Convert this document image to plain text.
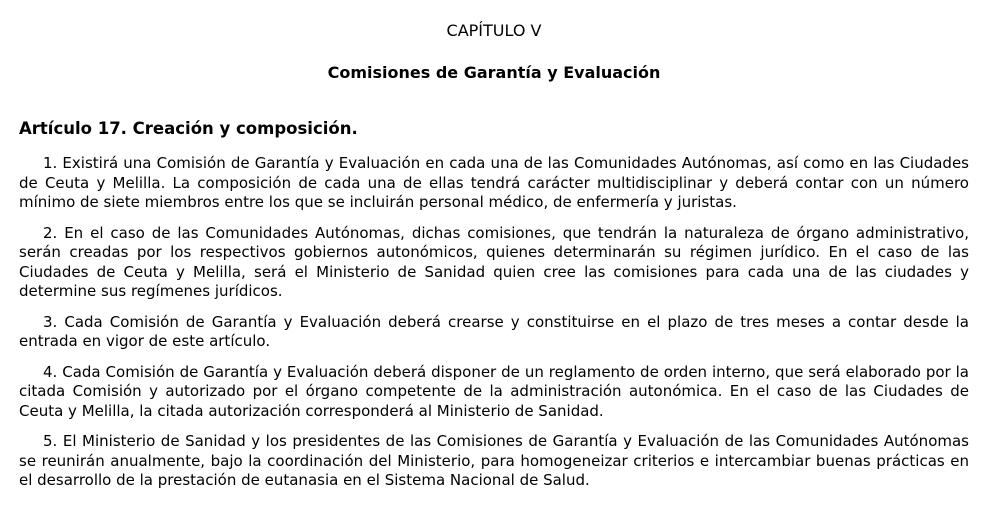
CAPÍTULO V

Comisiones de Garantía y Evaluación

Artículo 17. Creación y composición.

1. Existirá una Comisión de Garantía y Evaluación en cada una de las Comunidades Autónomas, así como en las Ciudades de Ceuta y Melilla. La composición de cada una de ellas tendrá carácter multidisciplinar y deberá contar con un número mínimo de siete miembros entre los que se incluirán personal médico, de enfermería y juristas.

2. En el caso de las Comunidades Autónomas, dichas comisiones, que tendrán la naturaleza de órgano administrativo, serán creadas por los respectivos gobiernos autonómicos, quienes determinarán su régimen jurídico. En el caso de las Ciudades de Ceuta y Melilla, será el Ministerio de Sanidad quien cree las comisiones para cada una de las ciudades y determine sus regímenes jurídicos.

3. Cada Comisión de Garantía y Evaluación deberá crearse y constituirse en el plazo de tres meses a contar desde la entrada en vigor de este artículo.

4. Cada Comisión de Garantía y Evaluación deberá disponer de un reglamento de orden interno, que será elaborado por la citada Comisión y autorizado por el órgano competente de la administración autonómica. En el caso de las Ciudades de Ceuta y Melilla, la citada autorización corresponderá al Ministerio de Sanidad.

5. El Ministerio de Sanidad y los presidentes de las Comisiones de Garantía y Evaluación de las Comunidades Autónomas se reunirán anualmente, bajo la coordinación del Ministerio, para homogeneizar criterios e intercambiar buenas prácticas en el desarrollo de la prestación de eutanasia en el Sistema Nacional de Salud.
